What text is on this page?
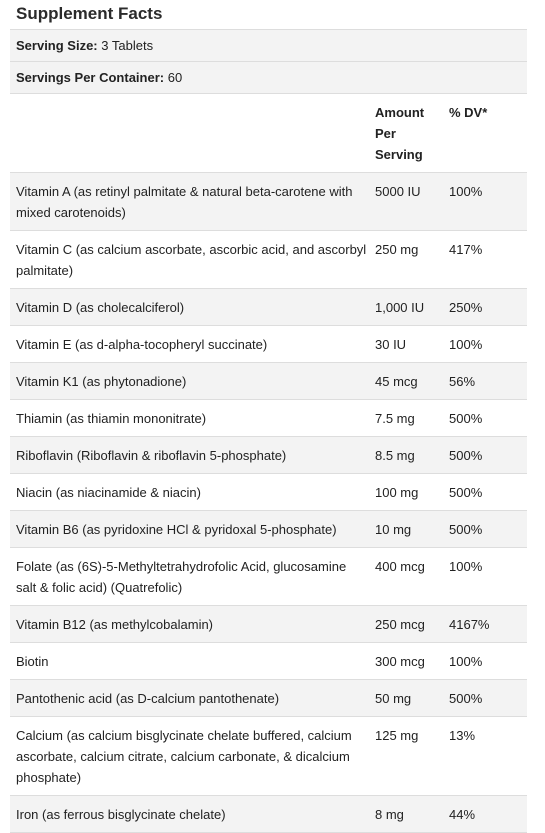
Supplement Facts
Serving Size: 3 Tablets
Servings Per Container: 60
	Amount Per Serving	% DV*
Vitamin A (as retinyl palmitate & natural beta-carotene with mixed carotenoids)	5000 IU	100%
Vitamin C (as calcium ascorbate, ascorbic acid, and ascorbyl palmitate)	250 mg	417%
Vitamin D (as cholecalciferol)	1,000 IU	250%
Vitamin E (as d-alpha-tocopheryl succinate)	30 IU	100%
Vitamin K1 (as phytonadione)	45 mcg	56%
Thiamin (as thiamin mononitrate)	7.5 mg	500%
Riboflavin (Riboflavin & riboflavin 5-phosphate)	8.5 mg	500%
Niacin (as niacinamide & niacin)	100 mg	500%
Vitamin B6 (as pyridoxine HCl & pyridoxal 5-phosphate)	10 mg	500%
Folate (as (6S)-5-Methyltetrahydrofolic Acid, glucosamine salt & folic acid) (Quatrefolic)	400 mcg	100%
Vitamin B12 (as methylcobalamin)	250 mcg	4167%
Biotin	300 mcg	100%
Pantothenic acid (as D-calcium pantothenate)	50 mg	500%
Calcium (as calcium bisglycinate chelate buffered, calcium ascorbate, calcium citrate, calcium carbonate, & dicalcium phosphate)	125 mg	13%
Iron (as ferrous bisglycinate chelate)	8 mg	44%
